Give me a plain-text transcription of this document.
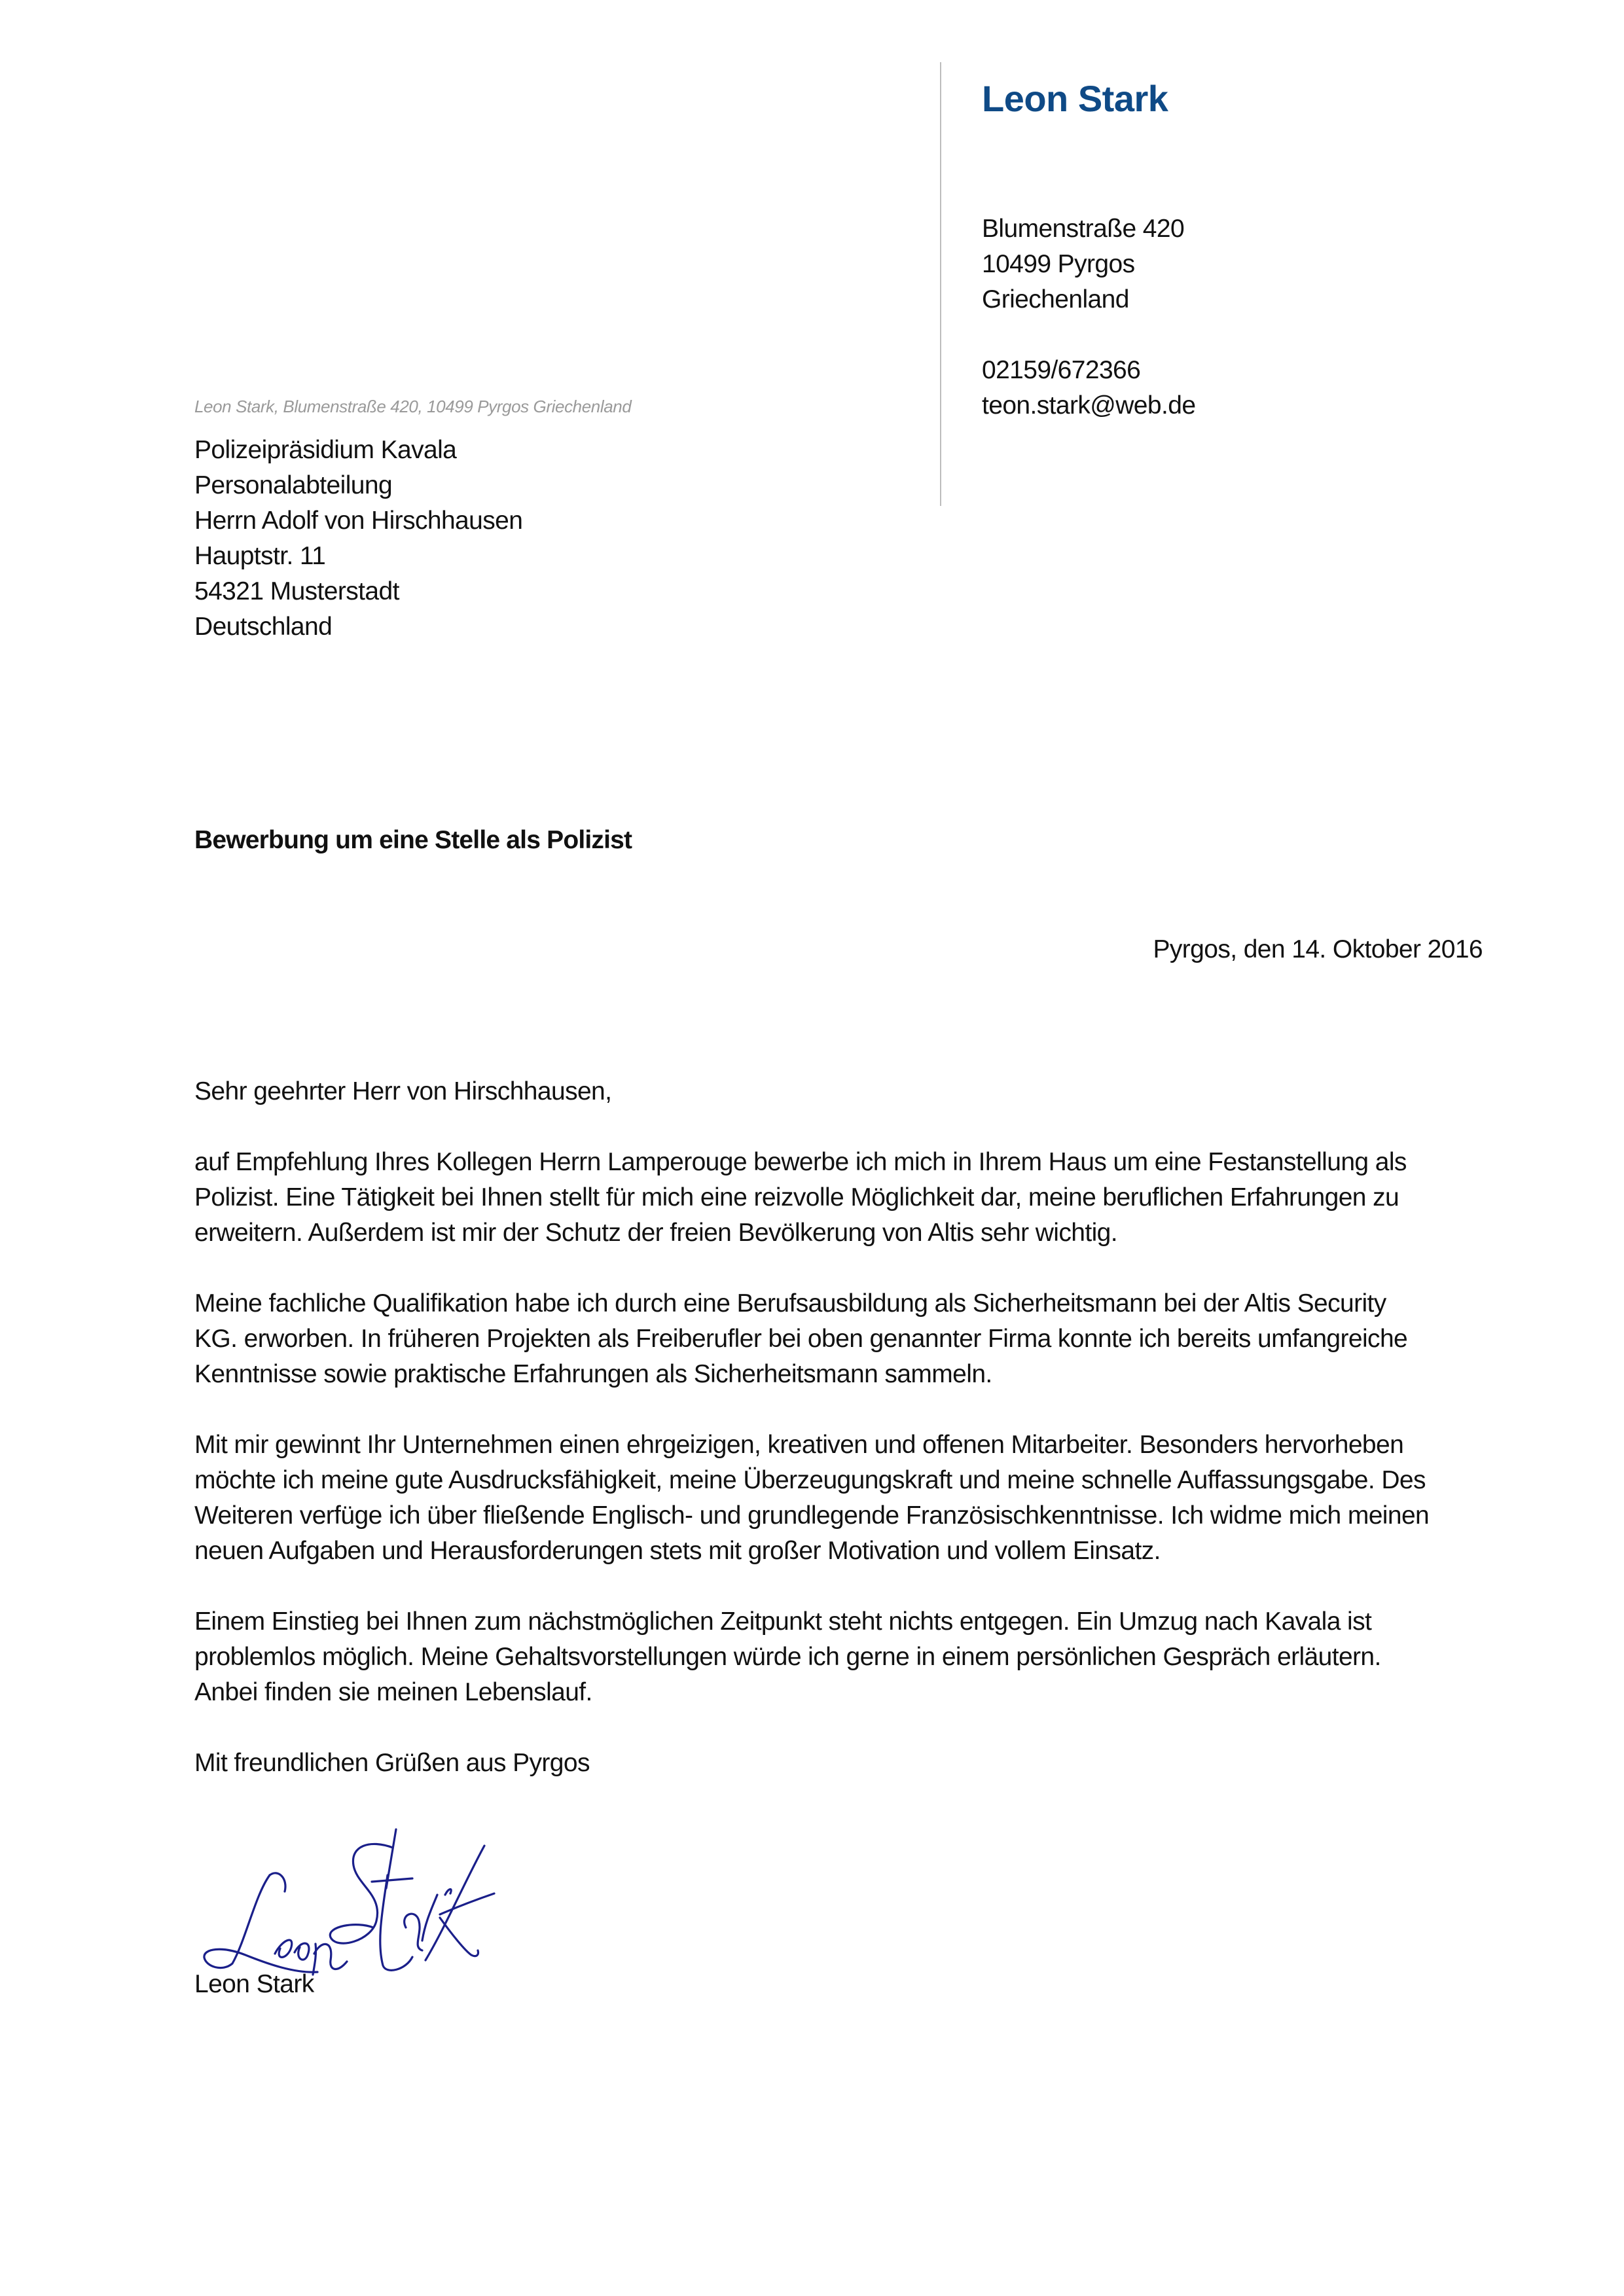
Leon Stark
Blumenstraße 420
10499 Pyrgos
Griechenland
02159/672366
teon.stark@web.de
Leon Stark, Blumenstraße 420, 10499 Pyrgos Griechenland
Polizeipräsidium Kavala
Personalabteilung
Herrn Adolf von Hirschhausen
Hauptstr. 11
54321 Musterstadt
Deutschland
Bewerbung um eine Stelle als Polizist
Pyrgos, den 14. Oktober 2016
Sehr geehrter Herr von Hirschhausen,
auf Empfehlung Ihres Kollegen Herrn Lamperouge bewerbe ich mich in Ihrem Haus um eine Festanstellung als
Polizist. Eine Tätigkeit bei Ihnen stellt für mich eine reizvolle Möglichkeit dar, meine beruflichen Erfahrungen zu
erweitern. Außerdem ist mir der Schutz der freien Bevölkerung von Altis sehr wichtig.
Meine fachliche Qualifikation habe ich durch eine Berufsausbildung als Sicherheitsmann bei der Altis Security
KG. erworben. In früheren Projekten als Freiberufler bei oben genannter Firma konnte ich bereits umfangreiche
Kenntnisse sowie praktische Erfahrungen als Sicherheitsmann sammeln.
Mit mir gewinnt Ihr Unternehmen einen ehrgeizigen, kreativen und offenen Mitarbeiter. Besonders hervorheben
möchte ich meine gute Ausdrucksfähigkeit, meine Überzeugungskraft und meine schnelle Auffassungsgabe. Des
Weiteren verfüge ich über fließende Englisch- und grundlegende Französischkenntnisse. Ich widme mich meinen
neuen Aufgaben und Herausforderungen stets mit großer Motivation und vollem Einsatz.
Einem Einstieg bei Ihnen zum nächstmöglichen Zeitpunkt steht nichts entgegen. Ein Umzug nach Kavala ist
problemlos möglich. Meine Gehaltsvorstellungen würde ich gerne in einem persönlichen Gespräch erläutern.
Anbei finden sie meinen Lebenslauf.
Mit freundlichen Grüßen aus Pyrgos
Leon Stark
